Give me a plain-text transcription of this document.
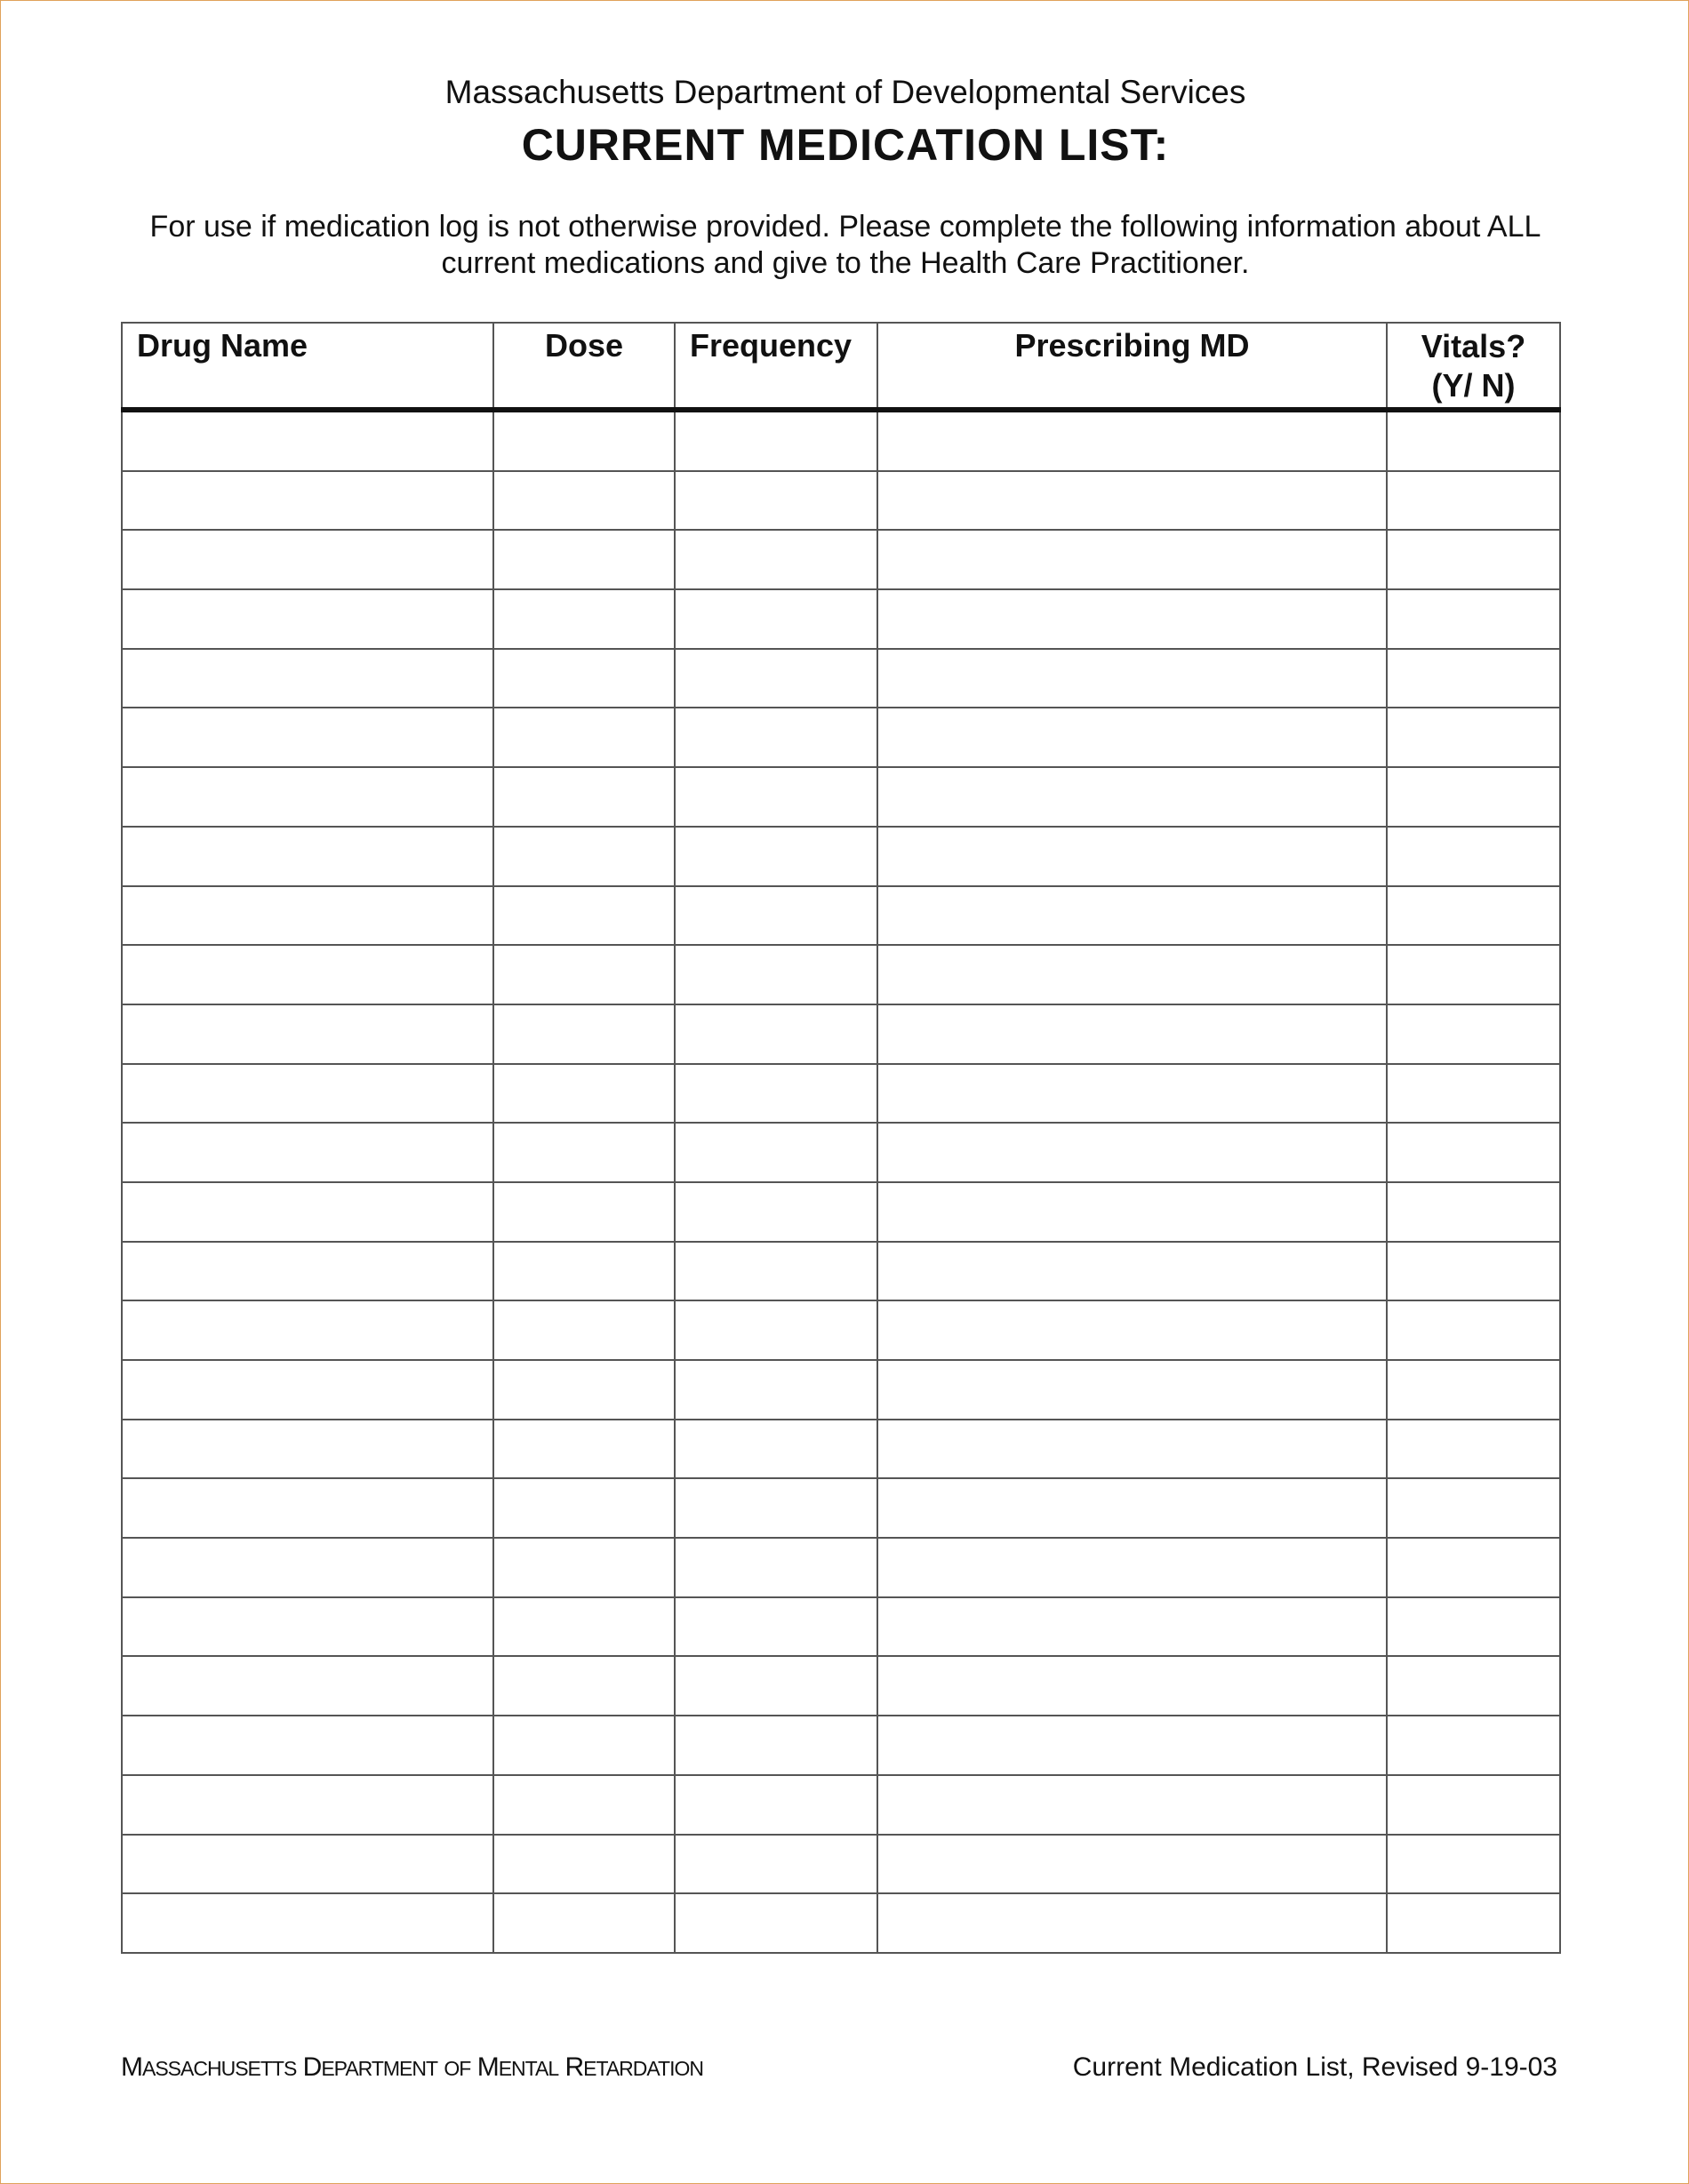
Massachusetts Department of Developmental Services
CURRENT MEDICATION LIST:
For use if medication log is not otherwise provided. Please complete the following information about ALL
current medications and give to the Health Care Practitioner.
Drug Name	Dose	Frequency	Prescribing MD	Vitals?
(Y/ N)

MASSACHUSETTS DEPARTMENT OF MENTAL RETARDATION	Current Medication List, Revised 9-19-03
